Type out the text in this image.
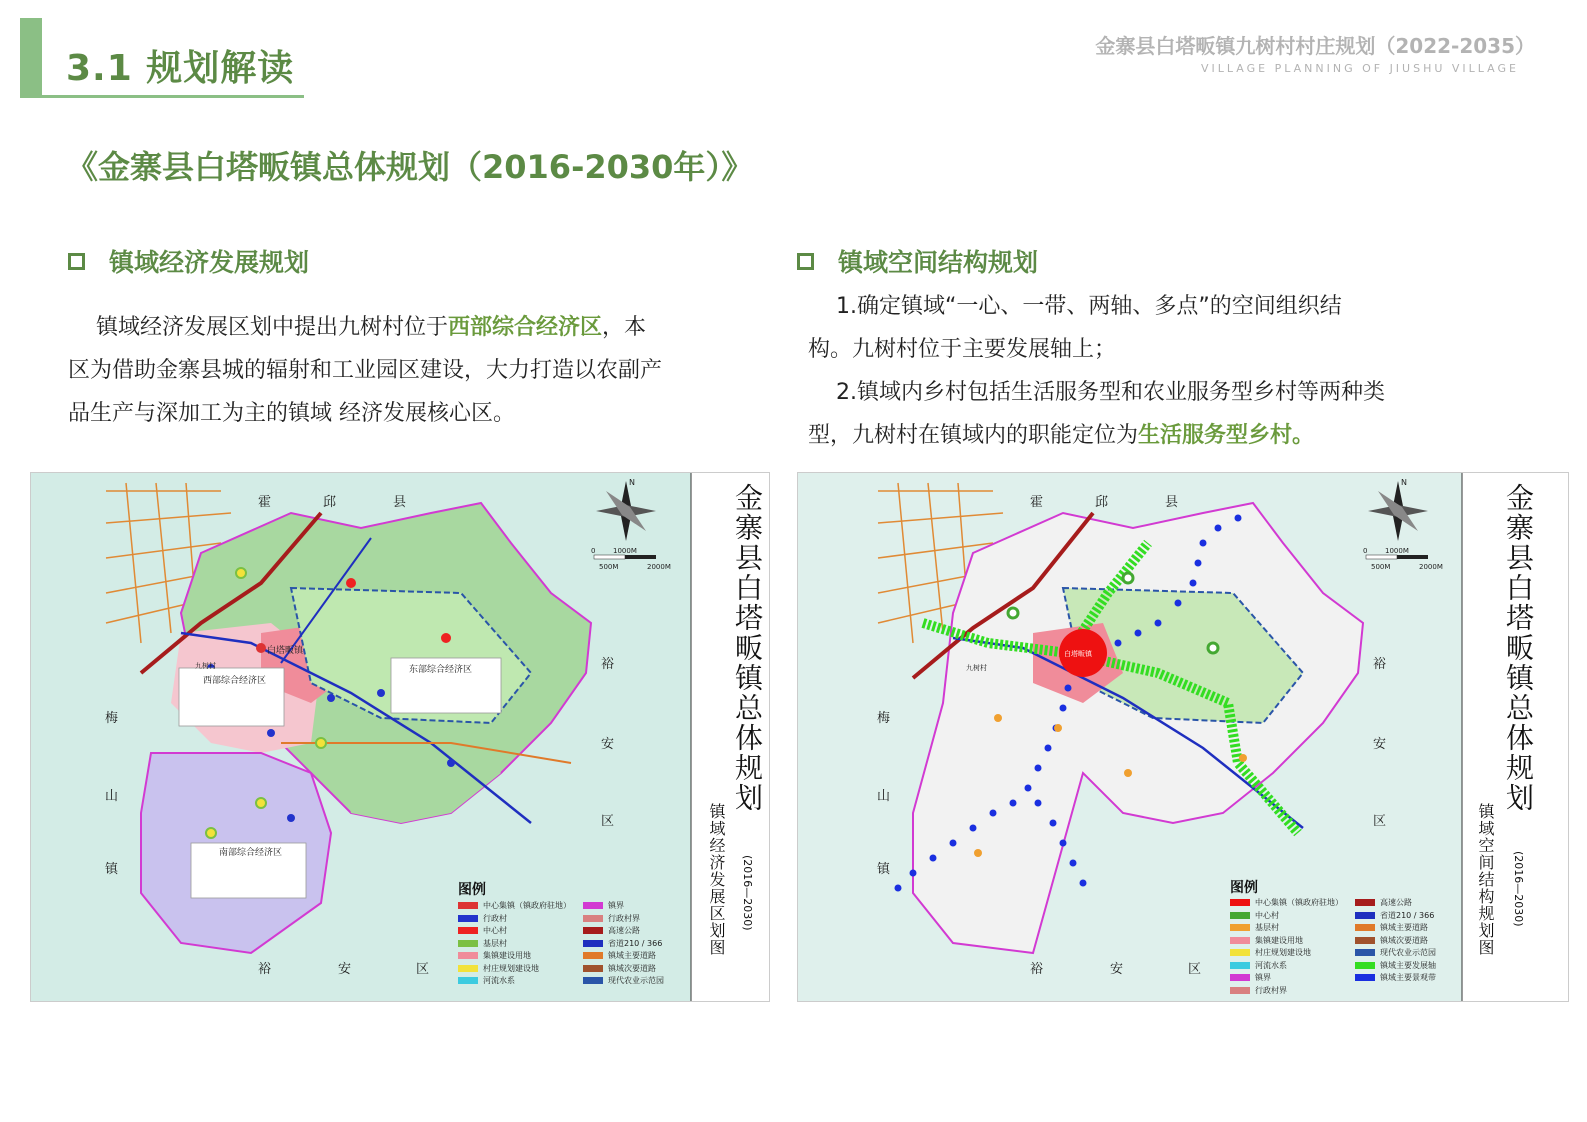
3.1 规划解读
金寨县白塔畈镇九树村村庄规划（2022-2035）
VILLAGE PLANNING OF JIUSHU VILLAGE
《金寨县白塔畈镇总体规划（2016-2030年）》
镇域经济发展规划
镇域经济发展区划中提出九树村位于西部综合经济区，本
区为借助金寨县城的辐射和工业园区建设，大力打造以农副产
品生产与深加工为主的镇域 经济发展核心区。
镇域空间结构规划
1.确定镇域“一心、一带、两轴、多点”的空间组织结
构。九树村位于主要发展轴上；
2.镇域内乡村包括生活服务型和农业服务型乡村等两种类
型，九树村在镇域内的职能定位为生活服务型乡村。
霍	邱	县
梅
山
镇
裕
安
区
裕	安	区
N
0	1000M
500M	2000M
白塔畈镇
九树村
西部综合经济区
东部综合经济区
南部综合经济区
图例
中心集镇（镇政府驻地）
行政村
中心村
基层村
集镇建设用地
村庄规划建设地
河流水系
镇界
行政村界
高速公路
省道210 / 366
镇域主要道路
镇域次要道路
现代农业示范园
金寨县白塔畈镇总体规划
(2016—2030)
镇域经济发展区划图
霍	邱	县
梅
山
镇
裕
安
区
裕	安	区
N
0	1000M
500M	2000M
白塔畈镇
九树村
图例
中心集镇（镇政府驻地）
中心村
基层村
集镇建设用地
村庄规划建设地
河流水系
镇界
行政村界
高速公路
省道210 / 366
镇域主要道路
镇域次要道路
现代农业示范园
镇域主要发展轴
镇域主要景观带
金寨县白塔畈镇总体规划
(2016—2030)
镇域空间结构规划图
